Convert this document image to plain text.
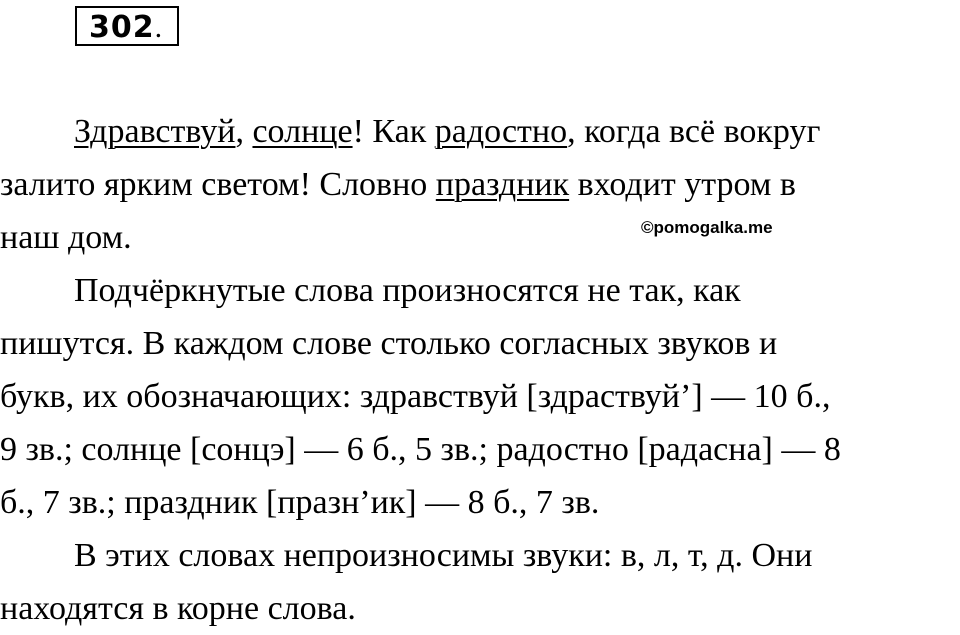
302.
©pomogalka.me
Здравствуй, солнце! Как радостно, когда всё вокруг
залито ярким светом! Словно праздник входит утром в
наш дом.
Подчёркнутые слова произносятся не так, как
пишутся. В каждом слове столько согласных звуков и
букв, их обозначающих: здравствуй [здраствуй’] — 10 б.,
9 зв.; солнце [сонцэ] — 6 б., 5 зв.; радостно [радасна] — 8
б., 7 зв.; праздник [празн’ик] — 8 б., 7 зв.
В этих словах непроизносимы звуки: в, л, т, д. Они
находятся в корне слова.
